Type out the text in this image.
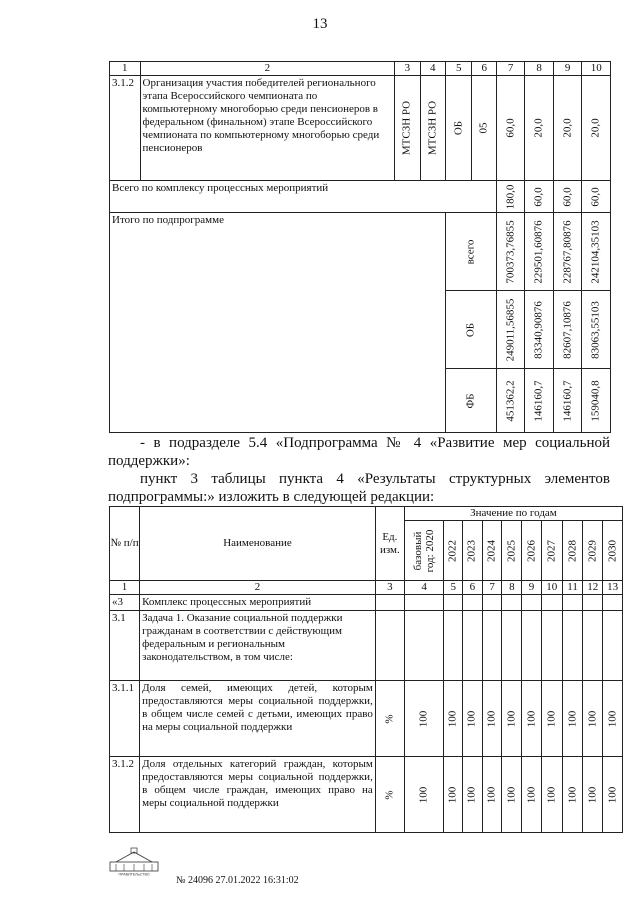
13
1	2	3	4	5	6	7	8	9	10
3.1.2	Организация участия победителей регионального этапа Всероссийского чемпионата по компьютерному многоборью среди пенсионеров в федеральном (финальном) этапе Всероссийского чемпионата по компьютерному многоборью среди пенсионеров	МТСЗН РО	МТСЗН РО	ОБ	05	60,0	20,0	20,0	20,0

Всего по комплексу процессных мероприятий						180,0	60,0	60,0	60,0

Итого по подпрограмме				всего		700373,76855	229501,60876	228767,80876	242104,35103

				ОБ		249011,56855	83340,90876	82607,10876	83063,55103

				ФБ		451362,2	146160,7	146160,7	159040,8
- в подразделе 5.4 «Подпрограмма № 4 «Развитие мер социальной поддержки»:
пункт 3 таблицы пункта 4 «Результаты структурных элементов подпрограммы:» изложить в следующей редакции:
№ п/п	Наименование	Ед. изм.	Значение по годам									

			базовый год: 2020	2022	2023	2024	2025	2026	2027	2028	2029	2030

1	2	3	4	5	6	7	8	9	10	11	12	13
«3	Комплекс процессных мероприятий											
3.1	Задача 1. Оказание социальной поддержки гражданам в соответствии с действующим федеральным и региональным законодательством, в том числе:											
3.1.1	Доля семей, имеющих детей, которым предоставляются меры социальной поддержки, в общем числе семей с детьми, имеющих право на меры социальной поддержки	%	100	100	100	100	100	100	100	100	100	100

3.1.2	Доля отдельных категорий граждан, которым предоставляются меры социальной поддержки, в общем числе граждан, имеющих право на меры социальной поддержки	%	100	100	100	100	100	100	100	100	100	100
ПРАВИТЕЛЬСТВО
№ 24096 27.01.2022 16:31:02
